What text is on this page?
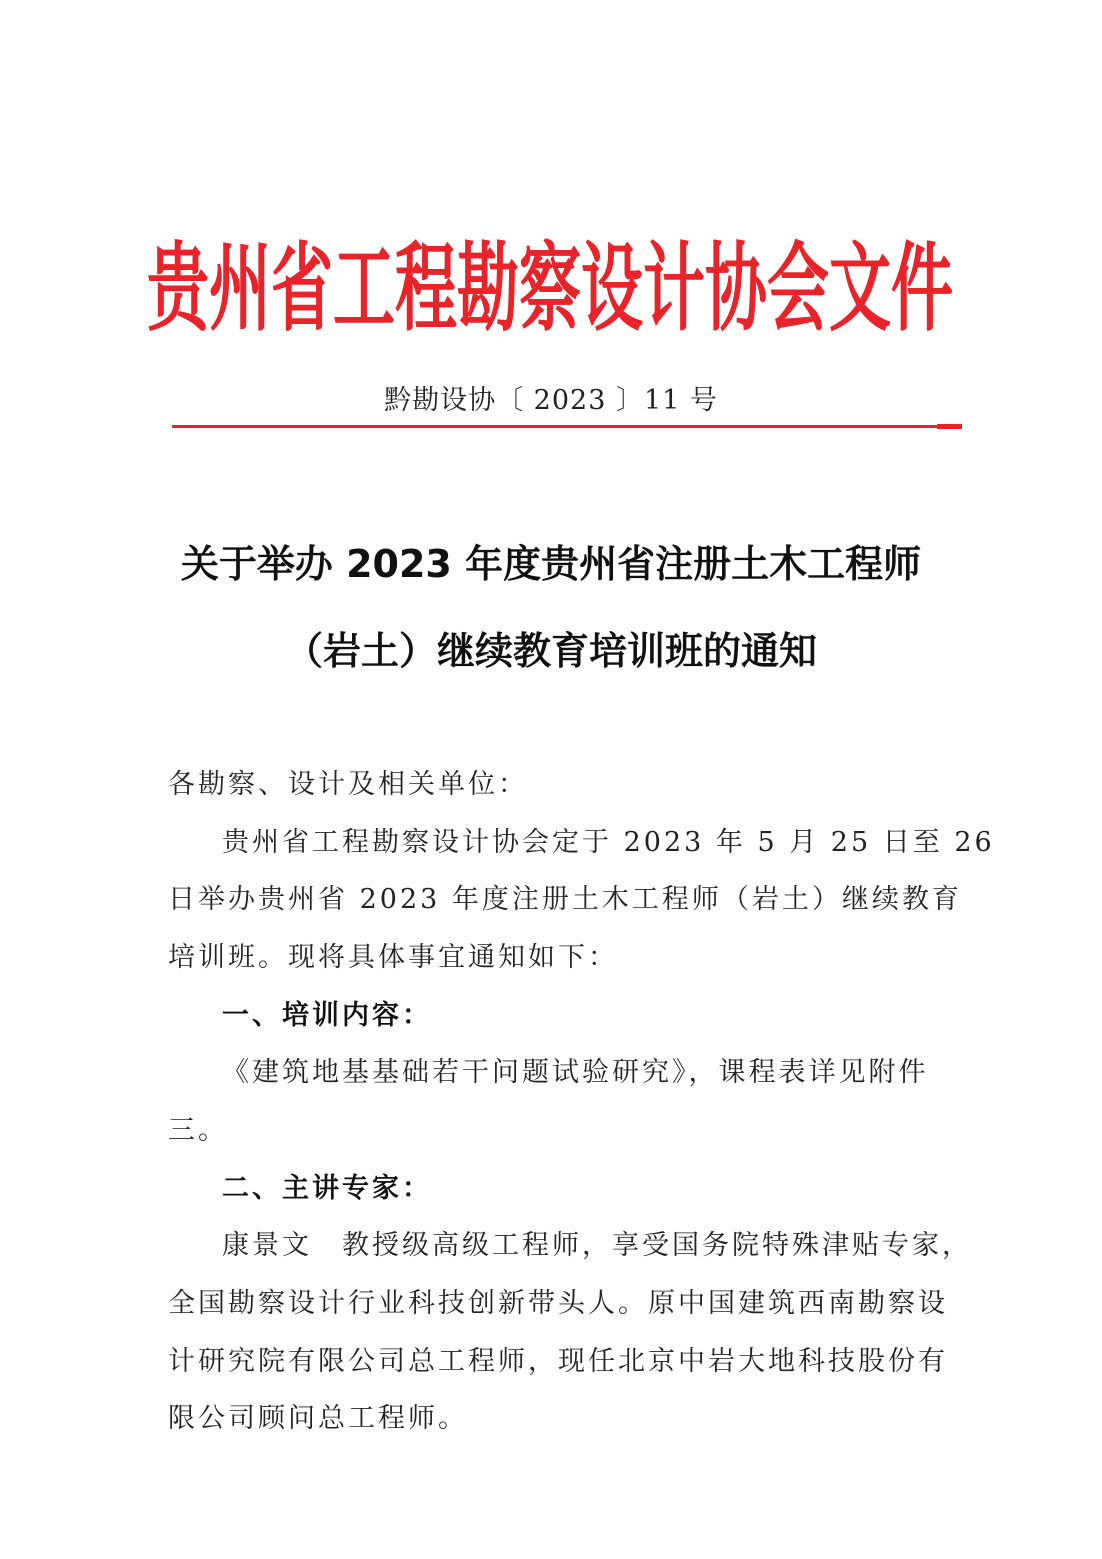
贵州省工程勘察设计协会文件
黔勘设协〔 2023 〕11 号
关于举办 2023 年度贵州省注册土木工程师
（岩土）继续教育培训班的通知
各勘察、设计及相关单位：
贵州省工程勘察设计协会定于 2023 年 5 月 25 日至 26
日举办贵州省 2023 年度注册土木工程师（岩土）继续教育
培训班。现将具体事宜通知如下：
一、培训内容：
《建筑地基基础若干问题试验研究》，课程表详见附件
三。
二、主讲专家：
康景文　教授级高级工程师，享受国务院特殊津贴专家，
全国勘察设计行业科技创新带头人。原中国建筑西南勘察设
计研究院有限公司总工程师，现任北京中岩大地科技股份有
限公司顾问总工程师。
